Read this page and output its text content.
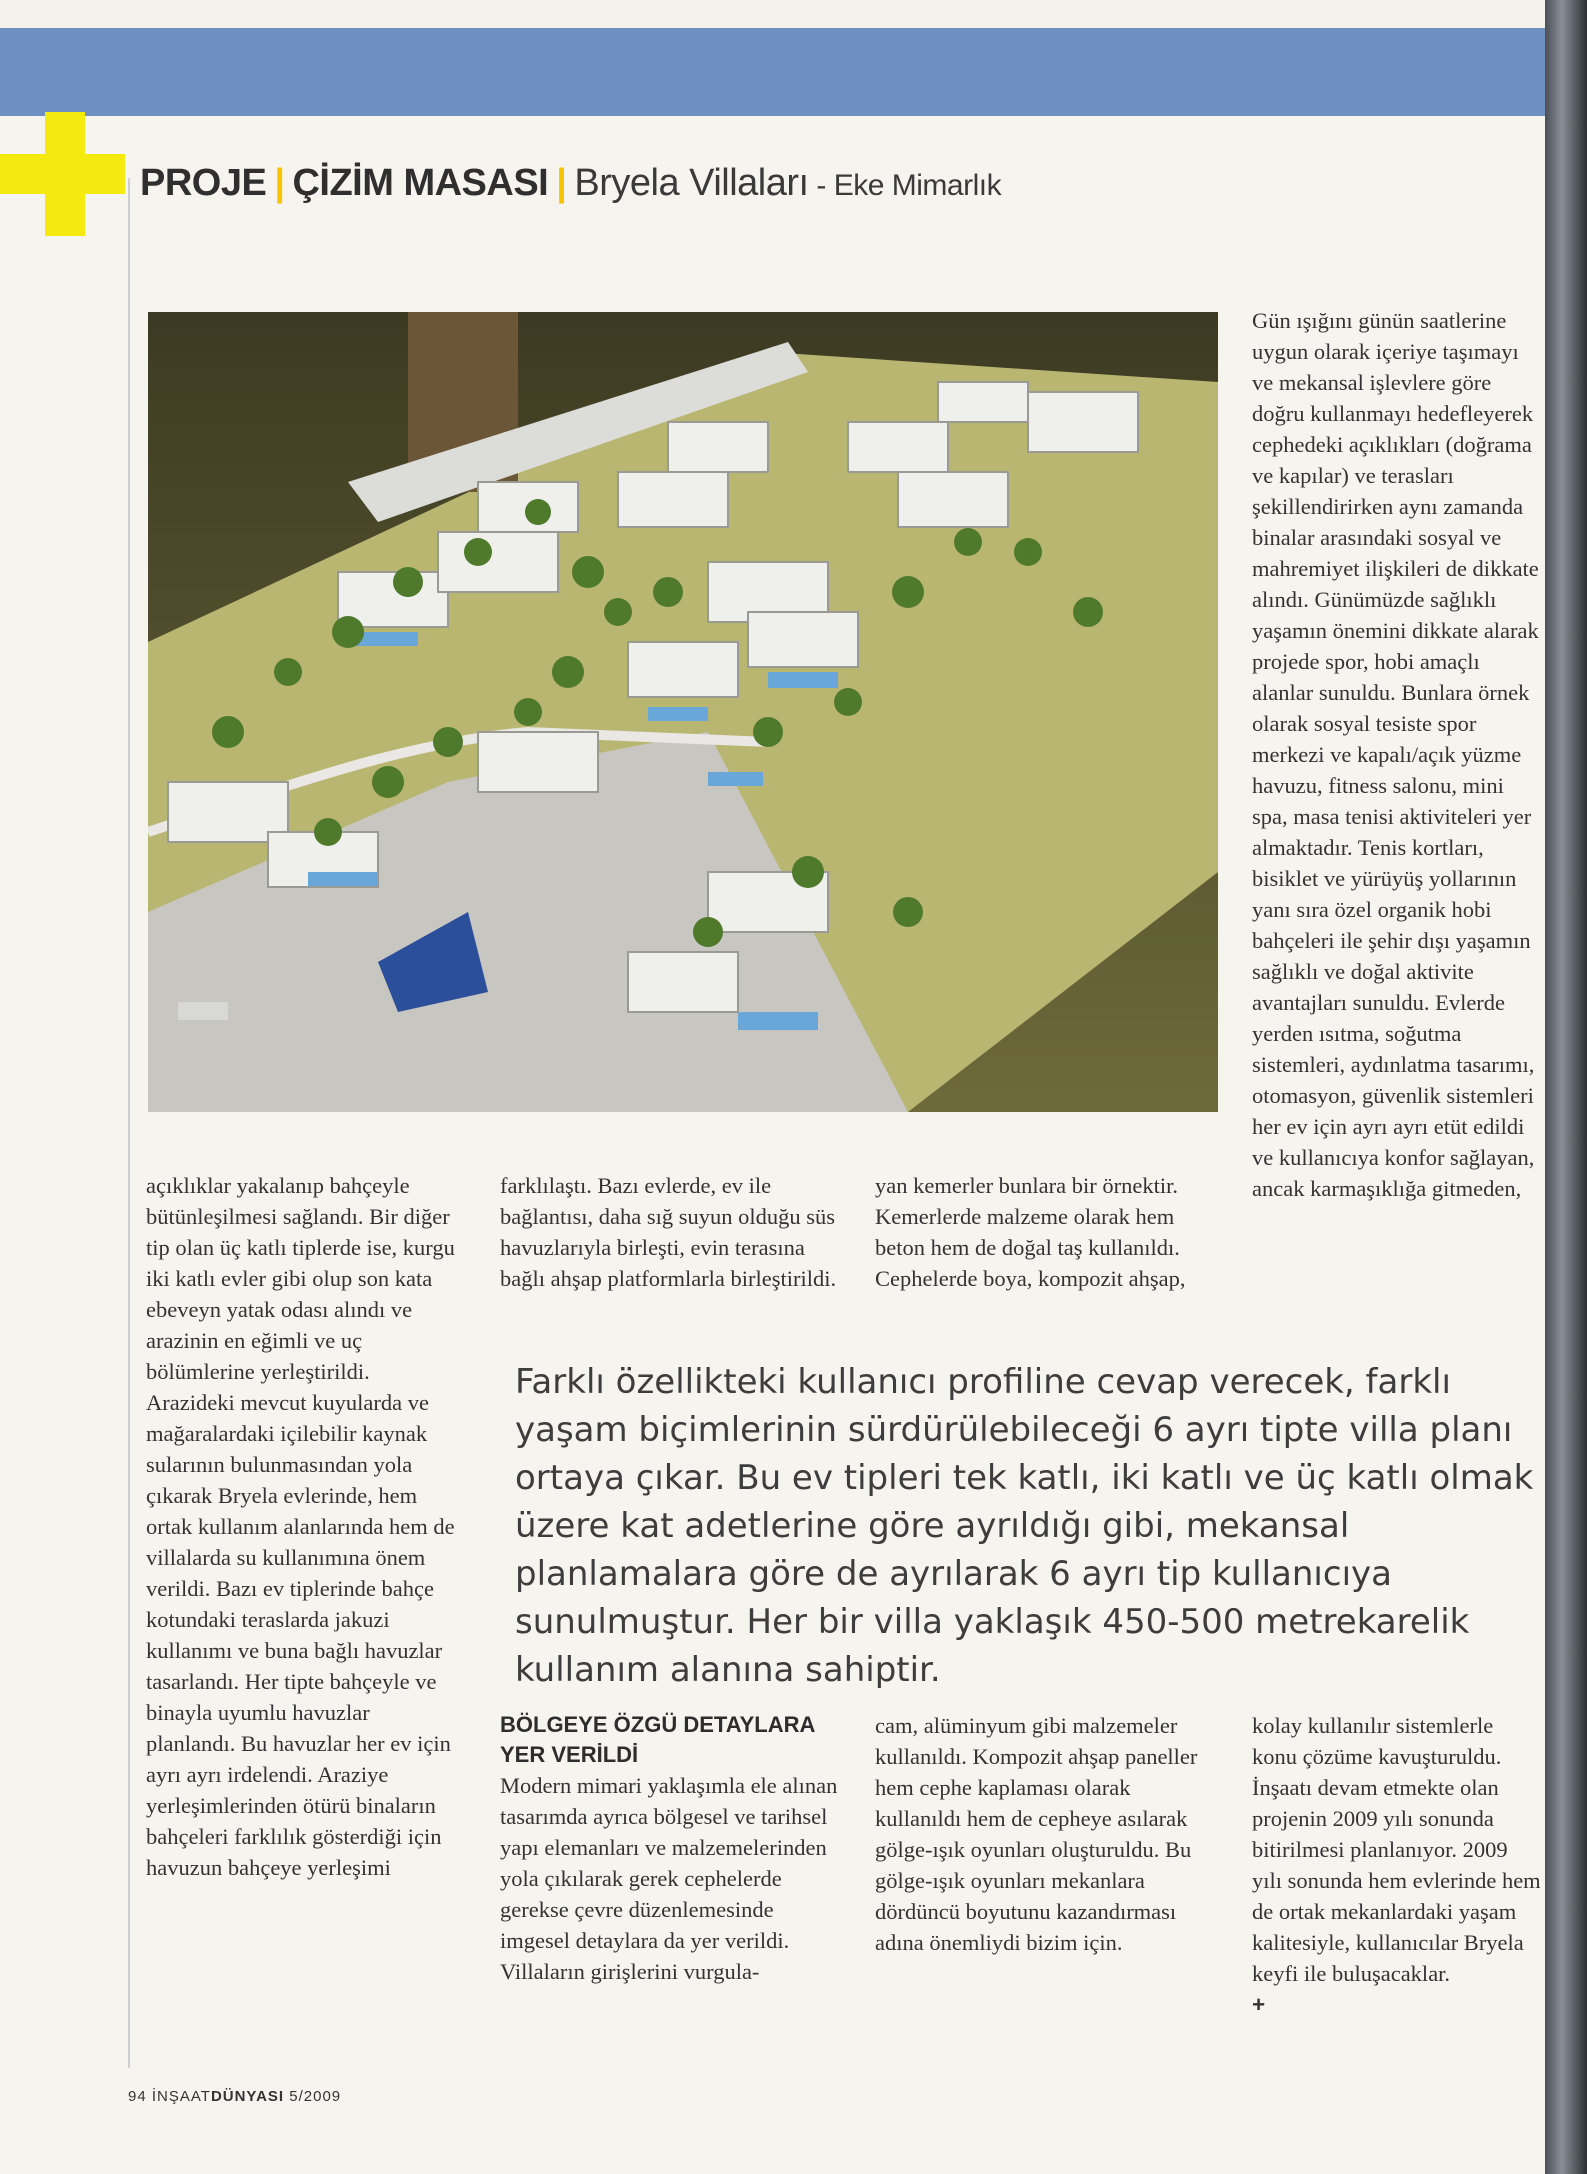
PROJE | ÇİZİM MASASI | Bryela Villaları - Eke Mimarlık

Gün ışığını günün saatlerine uygun olarak içeriye taşımayı ve mekansal işlevlere göre doğru kullanmayı hedefleyerek cephedeki açıklıkları (doğrama ve kapılar) ve terasları şekillendirirken aynı zamanda binalar arasındaki sosyal ve mahremiyet ilişkileri de dikkate alındı. Günümüzde sağlıklı yaşamın önemini dikkate alarak projede spor, hobi amaçlı alanlar sunuldu. Bunlara örnek olarak sosyal tesiste spor merkezi ve kapalı/açık yüzme havuzu, fitness salonu, mini spa, masa tenisi aktiviteleri yer almaktadır. Tenis kortları, bisiklet ve yürüyüş yollarının yanı sıra özel organik hobi bahçeleri ile şehir dışı yaşamın sağlıklı ve doğal aktivite avantajları sunuldu. Evlerde yerden ısıtma, soğutma sistemleri, aydınlatma tasarımı, otomasyon, güvenlik sistemleri her ev için ayrı ayrı etüt edildi ve kullanıcıya konfor sağlayan, ancak karmaşıklığa gitmeden,

açıklıklar yakalanıp bahçeyle bütünleşilmesi sağlandı. Bir diğer tip olan üç katlı tiplerde ise, kurgu iki katlı evler gibi olup son kata ebeveyn yatak odası alındı ve arazinin en eğimli ve uç bölümlerine yerleştirildi. Arazideki mevcut kuyularda ve mağaralardaki içilebilir kaynak sularının bulunmasından yola çıkarak Bryela evlerinde, hem ortak kullanım alanlarında hem de villalarda su kullanımına önem verildi. Bazı ev tiplerinde bahçe kotundaki teraslarda jakuzi kullanımı ve buna bağlı havuzlar tasarlandı. Her tipte bahçeyle ve binayla uyumlu havuzlar planlandı. Bu havuzlar her ev için ayrı ayrı irdelendi. Araziye yerleşimlerinden ötürü binaların bahçeleri farklılık gösterdiği için havuzun bahçeye yerleşimi

farklılaştı. Bazı evlerde, ev ile bağlantısı, daha sığ suyun olduğu süs havuzlarıyla birleşti, evin terasına bağlı ahşap platformlarla birleştirildi.

yan kemerler bunlara bir örnektir. Kemerlerde malzeme olarak hem beton hem de doğal taş kullanıldı. Cephelerde boya, kompozit ahşap,

Farklı özellikteki kullanıcı profiline cevap verecek, farklı yaşam biçimlerinin sürdürülebileceği 6 ayrı tipte villa planı ortaya çıkar. Bu ev tipleri tek katlı, iki katlı ve üç katlı olmak üzere kat adetlerine göre ayrıldığı gibi, mekansal planlamalara göre de ayrılarak 6 ayrı tip kullanıcıya sunulmuştur. Her bir villa yaklaşık 450-500 metrekarelik kullanım alanına sahiptir.

BÖLGEYE ÖZGÜ DETAYLARA YER VERİLDİ

Modern mimari yaklaşımla ele alınan tasarımda ayrıca bölgesel ve tarihsel yapı elemanları ve malzemelerinden yola çıkılarak gerek cephelerde gerekse çevre düzenlemesinde imgesel detaylara da yer verildi. Villaların girişlerini vurgula-

cam, alüminyum gibi malzemeler kullanıldı. Kompozit ahşap paneller hem cephe kaplaması olarak kullanıldı hem de cepheye asılarak gölge-ışık oyunları oluşturuldu. Bu gölge-ışık oyunları mekanlara dördüncü boyutunu kazandırması adına önemliydi bizim için.

kolay kullanılır sistemlerle konu çözüme kavuşturuldu. İnşaatı devam etmekte olan projenin 2009 yılı sonunda bitirilmesi planlanıyor. 2009 yılı sonunda hem evlerinde hem de ortak mekanlardaki yaşam kalitesiyle, kullanıcılar Bryela keyfi ile buluşacaklar.

+
94 İNŞAATDÜNYASI 5/2009
